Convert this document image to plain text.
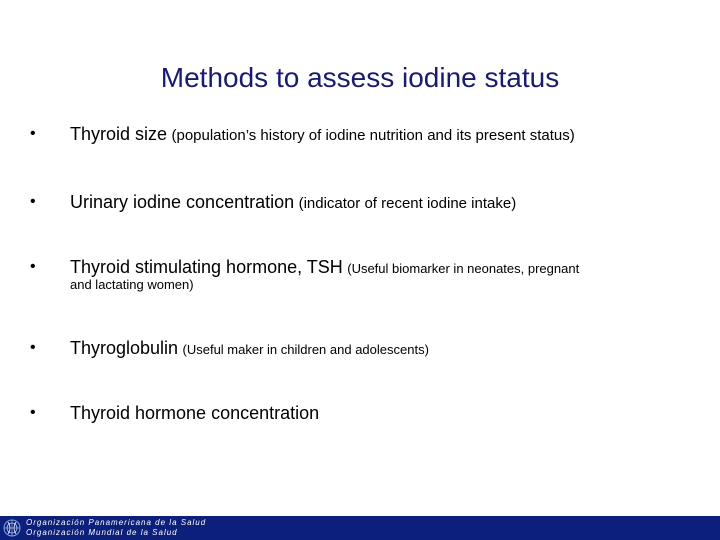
Methods to assess iodine status
• Thyroid size (population’s history of iodine nutrition and its present status)
• Urinary iodine concentration (indicator of recent iodine intake)
• Thyroid stimulating hormone, TSH (Useful biomarker in neonates, pregnant
and lactating women)
• Thyroglobulin (Useful maker in children and adolescents)
• Thyroid hormone concentration
Organización Panamericana de la Salud
Organización Mundial de la Salud
